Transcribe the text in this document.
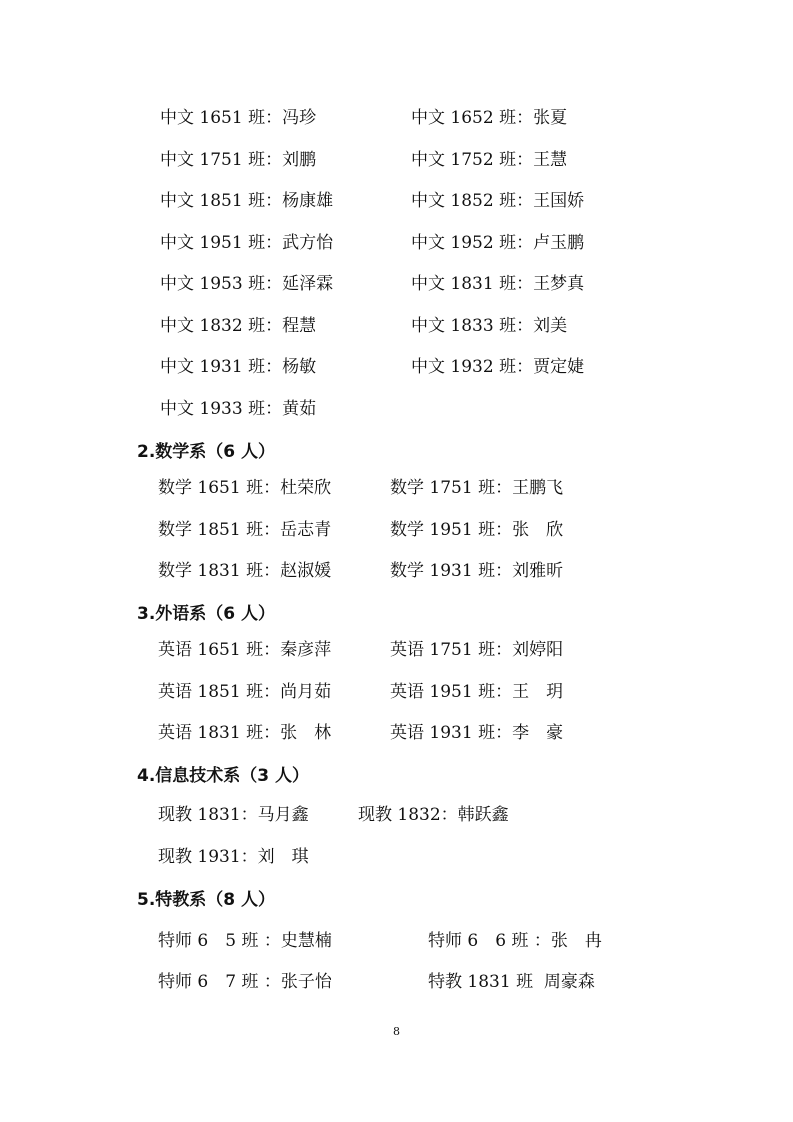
中文 1651 班：冯珍	中文 1652 班：张夏
中文 1751 班：刘鹏	中文 1752 班：王慧
中文 1851 班：杨康雄	中文 1852 班：王国娇
中文 1951 班：武方怡	中文 1952 班：卢玉鹏
中文 1953 班：延泽霖	中文 1831 班：王梦真
中文 1832 班：程慧	中文 1833 班：刘美
中文 1931 班：杨敏	中文 1932 班：贾定婕
中文 1933 班：黄茹
2.数学系（6 人）
数学 1651 班：杜荣欣	数学 1751 班：王鹏飞
数学 1851 班：岳志青	数学 1951 班：张　欣
数学 1831 班：赵淑媛	数学 1931 班：刘雅昕
3.外语系（6 人）
英语 1651 班：秦彦萍	英语 1751 班：刘婷阳
英语 1851 班：尚月茹	英语 1951 班：王　玥
英语 1831 班：张　林	英语 1931 班：李　豪
4.信息技术系（3 人）
现教 1831：马月鑫	现教 1832：韩跃鑫
现教 1931：刘　琪
5.特教系（8 人）
特师 6　5 班 ：史慧楠	特师 6　6 班 ：张　冉
特师 6　7 班 ：张子怡	特教 1831 班  周豪森
8
